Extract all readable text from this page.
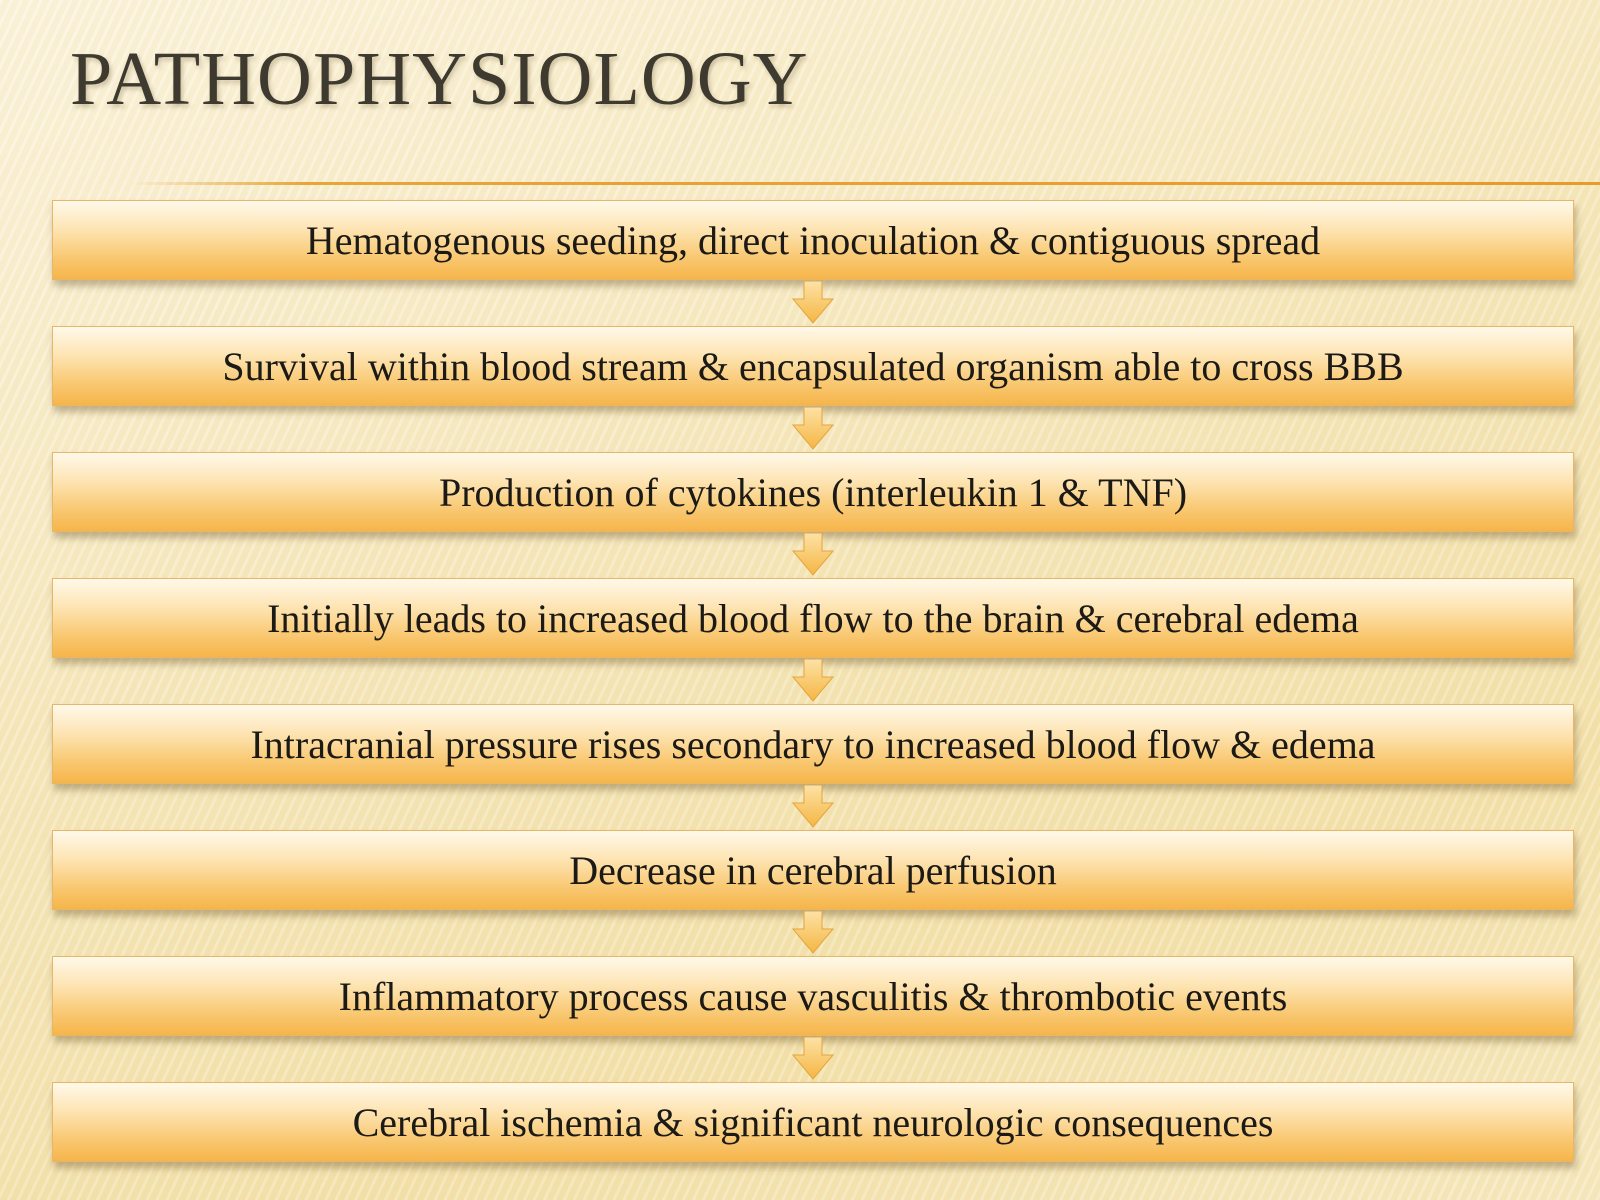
PATHOPHYSIOLOGY
Hematogenous seeding, direct inoculation & contiguous spread
Survival within blood stream & encapsulated organism able to cross BBB
Production of cytokines (interleukin 1 & TNF)
Initially leads to increased blood flow to the brain & cerebral edema
Intracranial pressure rises secondary to increased blood flow & edema
Decrease in cerebral perfusion
Inflammatory process cause vasculitis & thrombotic events
Cerebral ischemia & significant neurologic consequences
